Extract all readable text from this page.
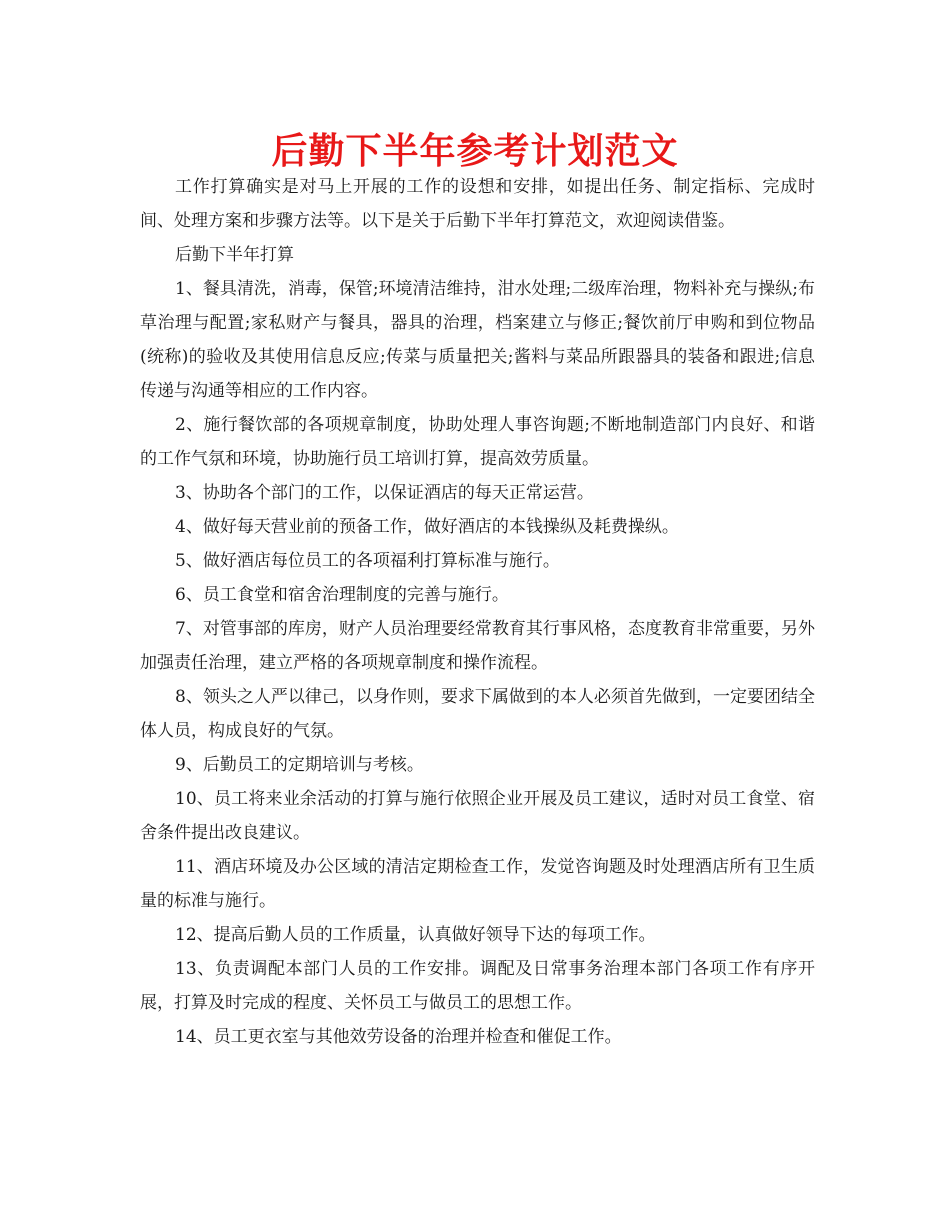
后勤下半年参考计划范文

工作打算确实是对马上开展的工作的设想和安排，如提出任务、制定指标、完成时间、处理方案和步骤方法等。以下是关于后勤下半年打算范文，欢迎阅读借鉴。

后勤下半年打算

1、餐具清洗，消毒，保管;环境清洁维持，泔水处理;二级库治理，物料补充与操纵;布草治理与配置;家私财产与餐具，器具的治理，档案建立与修正;餐饮前厅申购和到位物品(统称)的验收及其使用信息反应;传菜与质量把关;酱料与菜品所跟器具的装备和跟进;信息传递与沟通等相应的工作内容。

2、施行餐饮部的各项规章制度，协助处理人事咨询题;不断地制造部门内良好、和谐的工作气氛和环境，协助施行员工培训打算，提高效劳质量。

3、协助各个部门的工作，以保证酒店的每天正常运营。

4、做好每天营业前的预备工作，做好酒店的本钱操纵及耗费操纵。

5、做好酒店每位员工的各项福利打算标准与施行。

6、员工食堂和宿舍治理制度的完善与施行。

7、对管事部的库房，财产人员治理要经常教育其行事风格，态度教育非常重要，另外加强责任治理，建立严格的各项规章制度和操作流程。

8、领头之人严以律己，以身作则，要求下属做到的本人必须首先做到，一定要团结全体人员，构成良好的气氛。

9、后勤员工的定期培训与考核。

10、员工将来业余活动的打算与施行依照企业开展及员工建议，适时对员工食堂、宿舍条件提出改良建议。

11、酒店环境及办公区域的清洁定期检查工作，发觉咨询题及时处理酒店所有卫生质量的标准与施行。

12、提高后勤人员的工作质量，认真做好领导下达的每项工作。

13、负责调配本部门人员的工作安排。调配及日常事务治理本部门各项工作有序开展，打算及时完成的程度、关怀员工与做员工的思想工作。

14、员工更衣室与其他效劳设备的治理并检查和催促工作。
